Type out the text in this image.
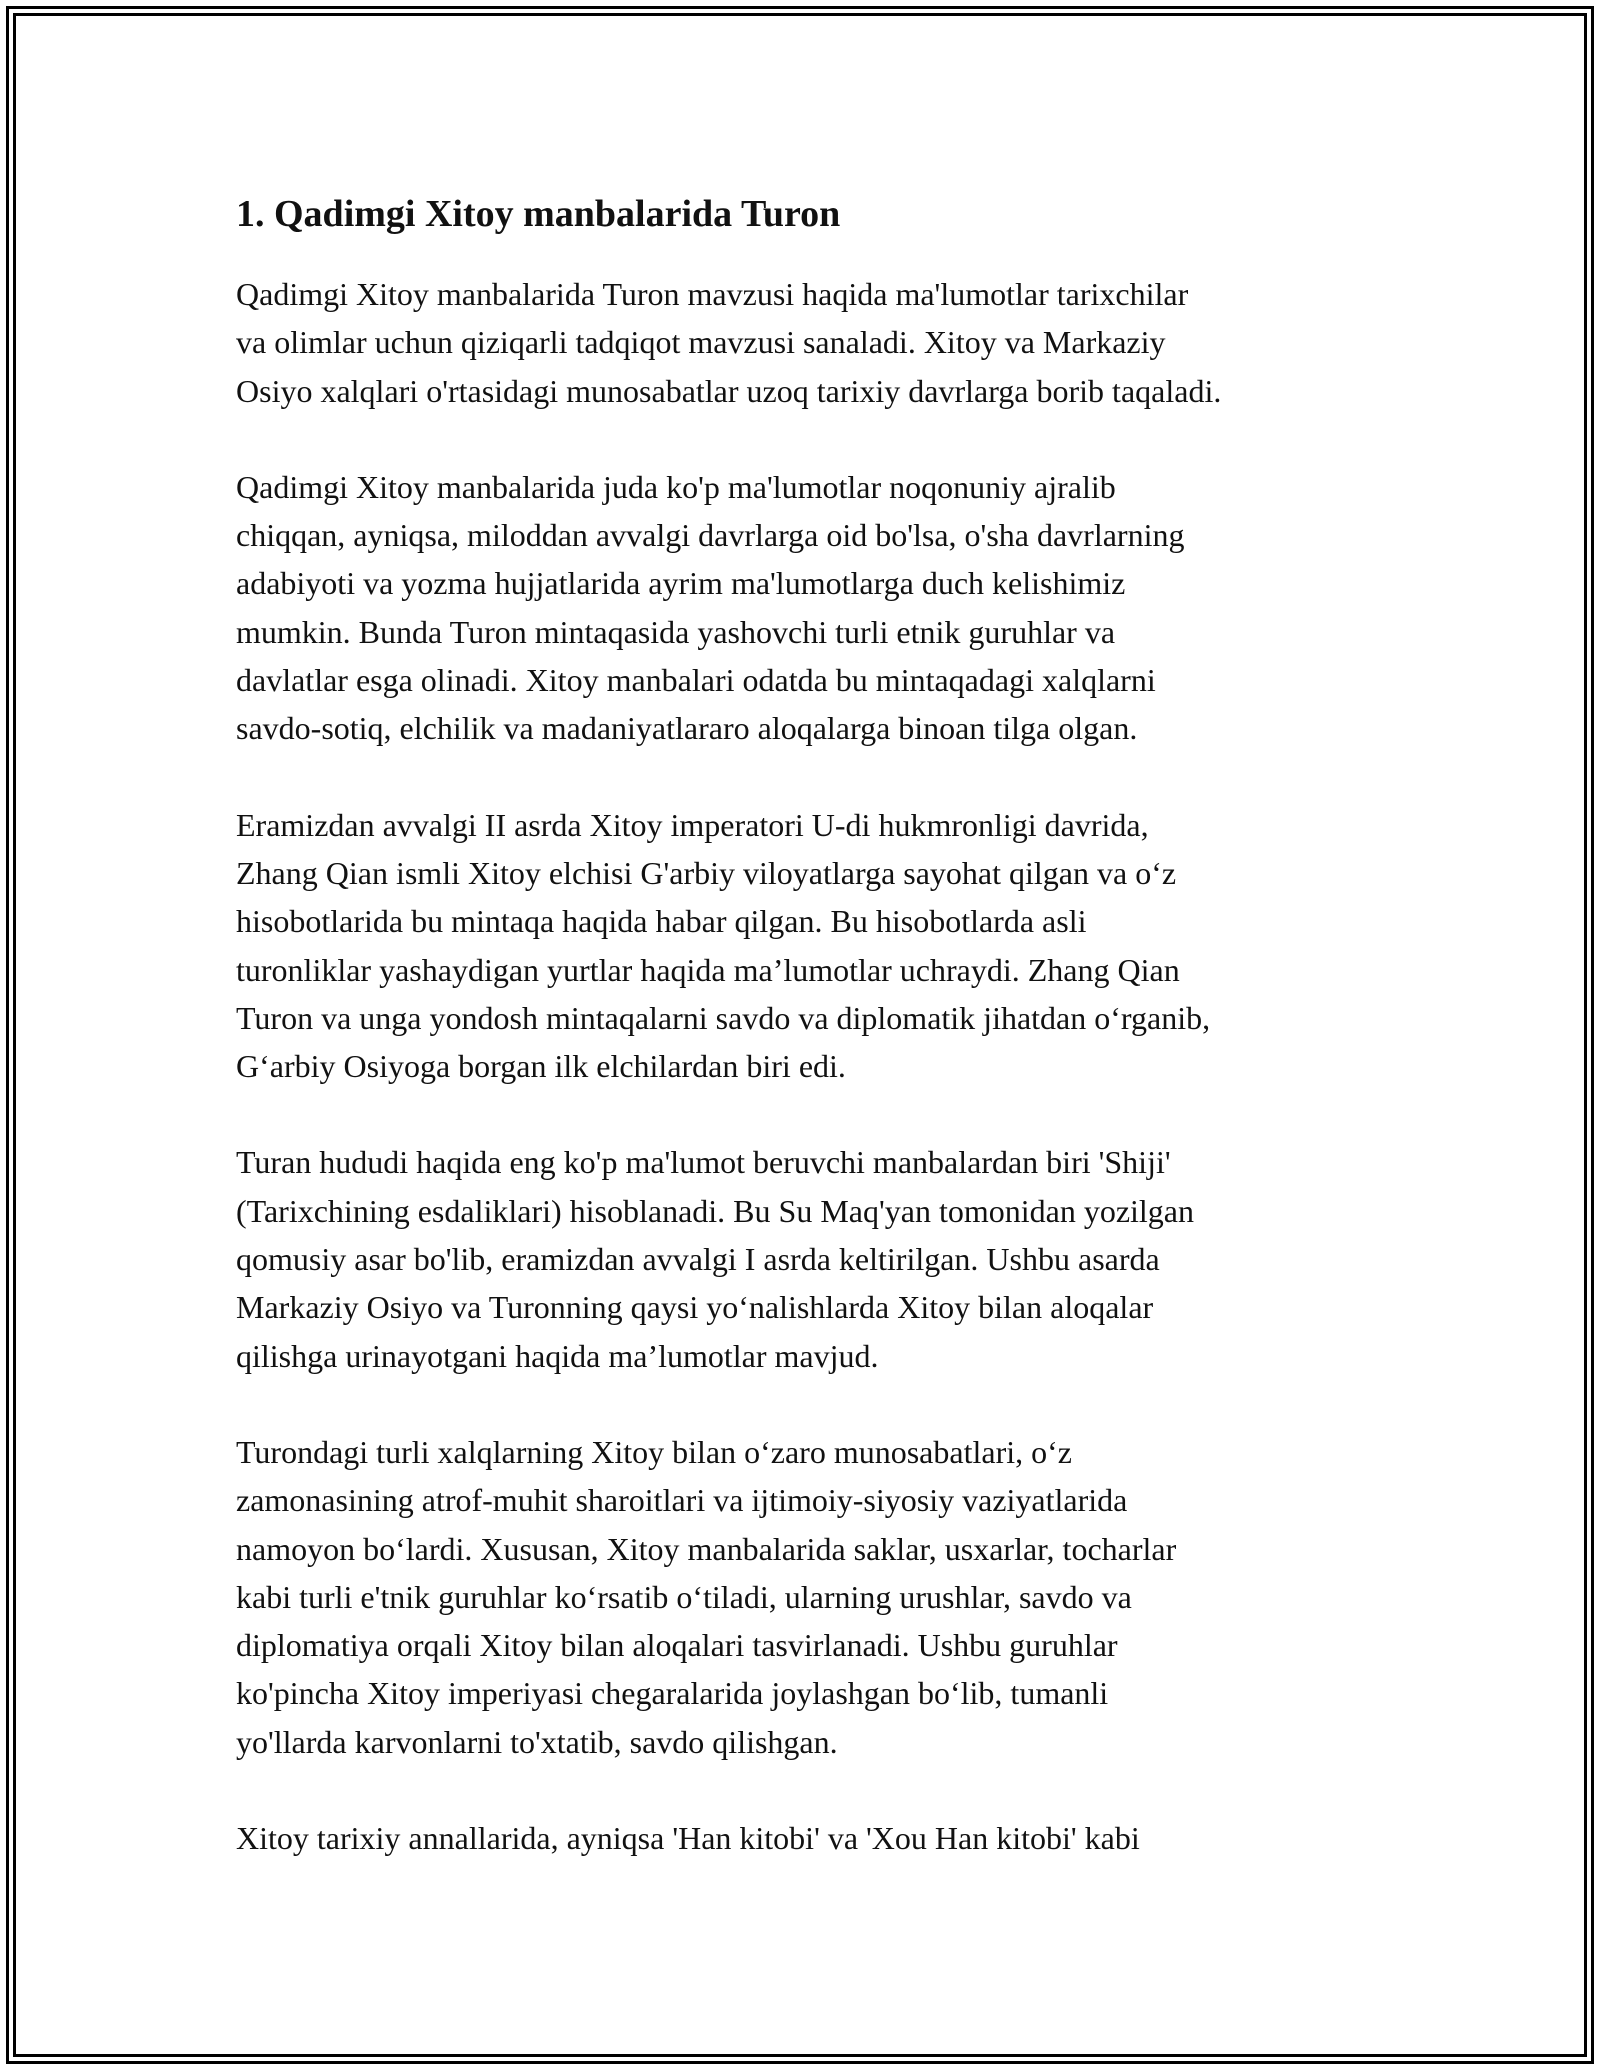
1. Qadimgi Xitoy manbalarida Turon

Qadimgi Xitoy manbalarida Turon mavzusi haqida ma'lumotlar tarixchilar
va olimlar uchun qiziqarli tadqiqot mavzusi sanaladi. Xitoy va Markaziy
Osiyo xalqlari o'rtasidagi munosabatlar uzoq tarixiy davrlarga borib taqaladi.

Qadimgi Xitoy manbalarida juda ko'p ma'lumotlar noqonuniy ajralib
chiqqan, ayniqsa, miloddan avvalgi davrlarga oid bo'lsa, o'sha davrlarning
adabiyoti va yozma hujjatlarida ayrim ma'lumotlarga duch kelishimiz
mumkin. Bunda Turon mintaqasida yashovchi turli etnik guruhlar va
davlatlar esga olinadi. Xitoy manbalari odatda bu mintaqadagi xalqlarni
savdo-sotiq, elchilik va madaniyatlararo aloqalarga binoan tilga olgan.

Eramizdan avvalgi II asrda Xitoy imperatori U-di hukmronligi davrida,
Zhang Qian ismli Xitoy elchisi G'arbiy viloyatlarga sayohat qilgan va o‘z
hisobotlarida bu mintaqa haqida habar qilgan. Bu hisobotlarda asli
turonliklar yashaydigan yurtlar haqida ma’lumotlar uchraydi. Zhang Qian
Turon va unga yondosh mintaqalarni savdo va diplomatik jihatdan o‘rganib,
G‘arbiy Osiyoga borgan ilk elchilardan biri edi.

Turan hududi haqida eng ko'p ma'lumot beruvchi manbalardan biri 'Shiji'
(Tarixchining esdaliklari) hisoblanadi. Bu Su Maq'yan tomonidan yozilgan
qomusiy asar bo'lib, eramizdan avvalgi I asrda keltirilgan. Ushbu asarda
Markaziy Osiyo va Turonning qaysi yo‘nalishlarda Xitoy bilan aloqalar
qilishga urinayotgani haqida ma’lumotlar mavjud.

Turondagi turli xalqlarning Xitoy bilan o‘zaro munosabatlari, o‘z
zamonasining atrof-muhit sharoitlari va ijtimoiy-siyosiy vaziyatlarida
namoyon bo‘lardi. Xususan, Xitoy manbalarida saklar, usxarlar, tocharlar
kabi turli e'tnik guruhlar ko‘rsatib o‘tiladi, ularning urushlar, savdo va
diplomatiya orqali Xitoy bilan aloqalari tasvirlanadi. Ushbu guruhlar
ko'pincha Xitoy imperiyasi chegaralarida joylashgan bo‘lib, tumanli
yo'llarda karvonlarni to'xtatib, savdo qilishgan.

Xitoy tarixiy annallarida, ayniqsa 'Han kitobi' va 'Xou Han kitobi' kabi
